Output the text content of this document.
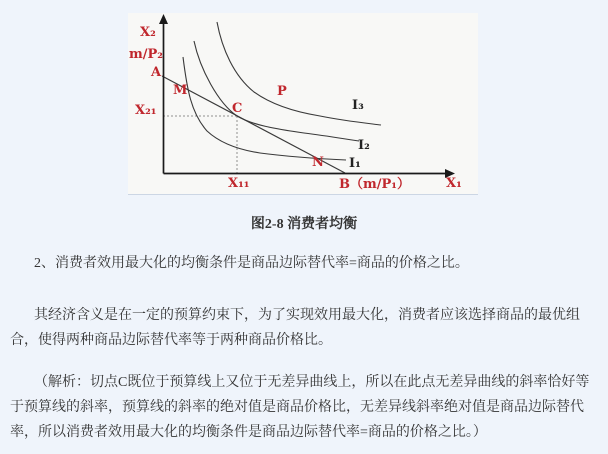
X₂
m/P₂
A
M
X₂₁	C
P
N
X₁₁	B（m/P₁）	X₁
I₃
I₂
I₁
图2-8 消费者均衡

2、消费者效用最大化的均衡条件是商品边际替代率=商品的价格之比。

其经济含义是在一定的预算约束下，为了实现效用最大化，消费者应该选择商品的最优组合，使得两种商品边际替代率等于两种商品价格比。

（解析：切点C既位于预算线上又位于无差异曲线上，所以在此点无差异曲线的斜率恰好等于预算线的斜率，预算线的斜率的绝对值是商品价格比，无差异线斜率绝对值是商品边际替代率，所以消费者效用最大化的均衡条件是商品边际替代率=商品的价格之比。）
